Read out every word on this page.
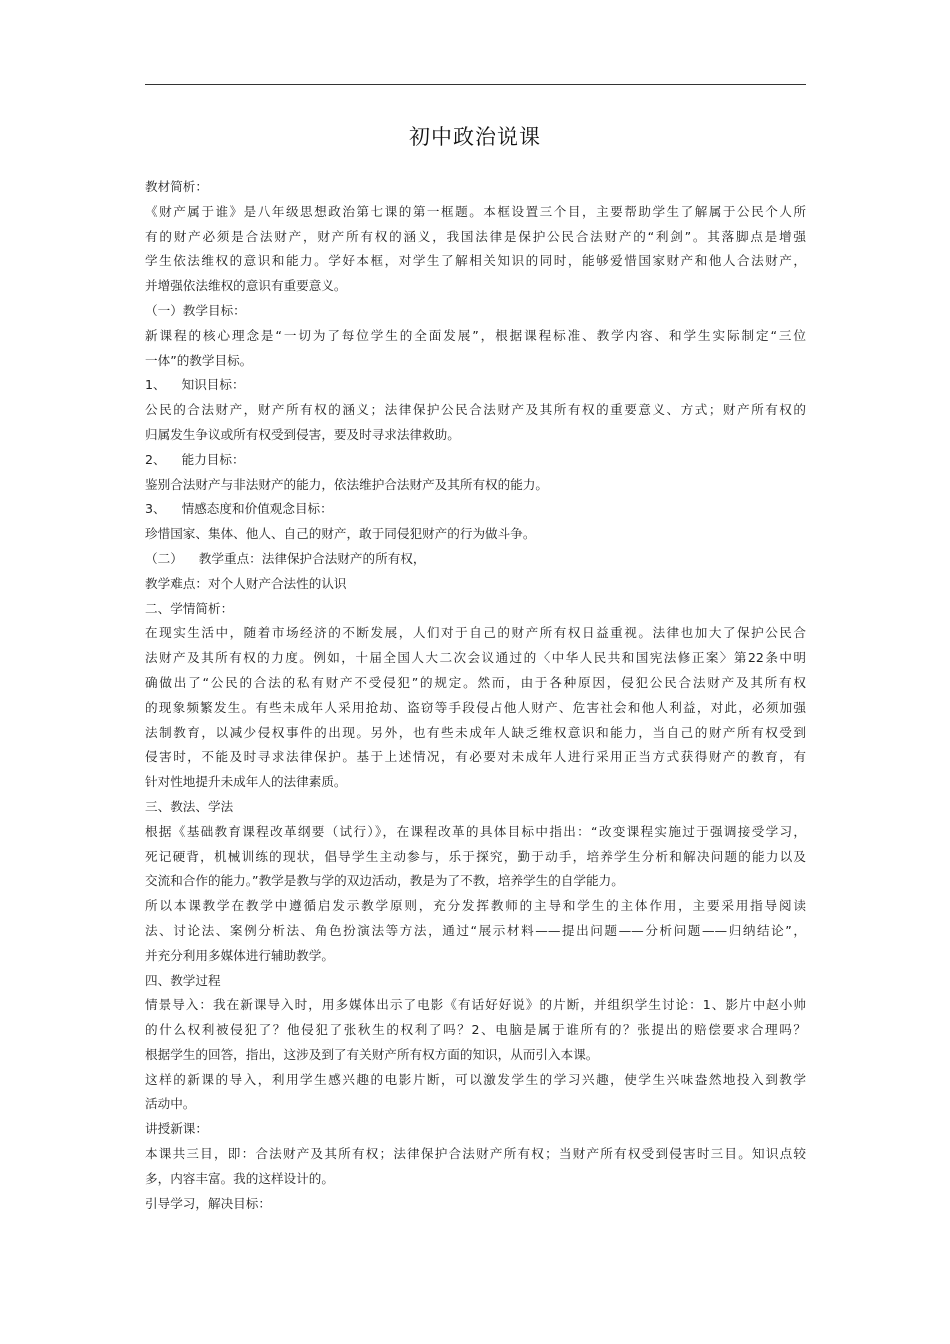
初中政治说课
教材简析：
《财产属于谁》是八年级思想政治第七课的第一框题。本框设置三个目，主要帮助学生了解属于公民个人所
有的财产必须是合法财产，财产所有权的涵义，我国法律是保护公民合法财产的“利剑”。其落脚点是增强
学生依法维权的意识和能力。学好本框，对学生了解相关知识的同时，能够爱惜国家财产和他人合法财产，
并增强依法维权的意识有重要意义。
（一）教学目标：
新课程的核心理念是“一切为了每位学生的全面发展”，根据课程标准、教学内容、和学生实际制定“三位
一体”的教学目标。
1、    知识目标：
公民的合法财产，财产所有权的涵义；法律保护公民合法财产及其所有权的重要意义、方式；财产所有权的
归属发生争议或所有权受到侵害，要及时寻求法律救助。
2、    能力目标：
鉴别合法财产与非法财产的能力，依法维护合法财产及其所有权的能力。
3、    情感态度和价值观念目标：
珍惜国家、集体、他人、自己的财产，敢于同侵犯财产的行为做斗争。
（二）    教学重点：法律保护合法财产的所有权，
教学难点：对个人财产合法性的认识
二、学情简析：
在现实生活中，随着市场经济的不断发展，人们对于自己的财产所有权日益重视。法律也加大了保护公民合
法财产及其所有权的力度。例如，十届全国人大二次会议通过的〈中华人民共和国宪法修正案〉第22条中明
确做出了“公民的合法的私有财产不受侵犯”的规定。然而，由于各种原因，侵犯公民合法财产及其所有权
的现象频繁发生。有些未成年人采用抢劫、盗窃等手段侵占他人财产、危害社会和他人利益，对此，必须加强
法制教育，以减少侵权事件的出现。另外，也有些未成年人缺乏维权意识和能力，当自己的财产所有权受到
侵害时，不能及时寻求法律保护。基于上述情况，有必要对未成年人进行采用正当方式获得财产的教育，有
针对性地提升未成年人的法律素质。
三、教法、学法
根据《基础教育课程改革纲要（试行）》，在课程改革的具体目标中指出：“改变课程实施过于强调接受学习，
死记硬背，机械训练的现状，倡导学生主动参与，乐于探究，勤于动手，培养学生分析和解决问题的能力以及
交流和合作的能力。”教学是教与学的双边活动，教是为了不教，培养学生的自学能力。
所以本课教学在教学中遵循启发示教学原则，充分发挥教师的主导和学生的主体作用，主要采用指导阅读
法、讨论法、案例分析法、角色扮演法等方法，通过“展示材料——提出问题——分析问题——归纳结论”，
并充分利用多媒体进行辅助教学。
四、教学过程
情景导入：我在新课导入时，用多媒体出示了电影《有话好好说》的片断，并组织学生讨论：1、影片中赵小帅
的什么权利被侵犯了？他侵犯了张秋生的权利了吗？2、电脑是属于谁所有的？张提出的赔偿要求合理吗？
根据学生的回答，指出，这涉及到了有关财产所有权方面的知识，从而引入本课。
这样的新课的导入，利用学生感兴趣的电影片断，可以激发学生的学习兴趣，使学生兴味盎然地投入到教学
活动中。
讲授新课：
本课共三目，即：合法财产及其所有权；法律保护合法财产所有权；当财产所有权受到侵害时三目。知识点较
多，内容丰富。我的这样设计的。
引导学习，解决目标：
